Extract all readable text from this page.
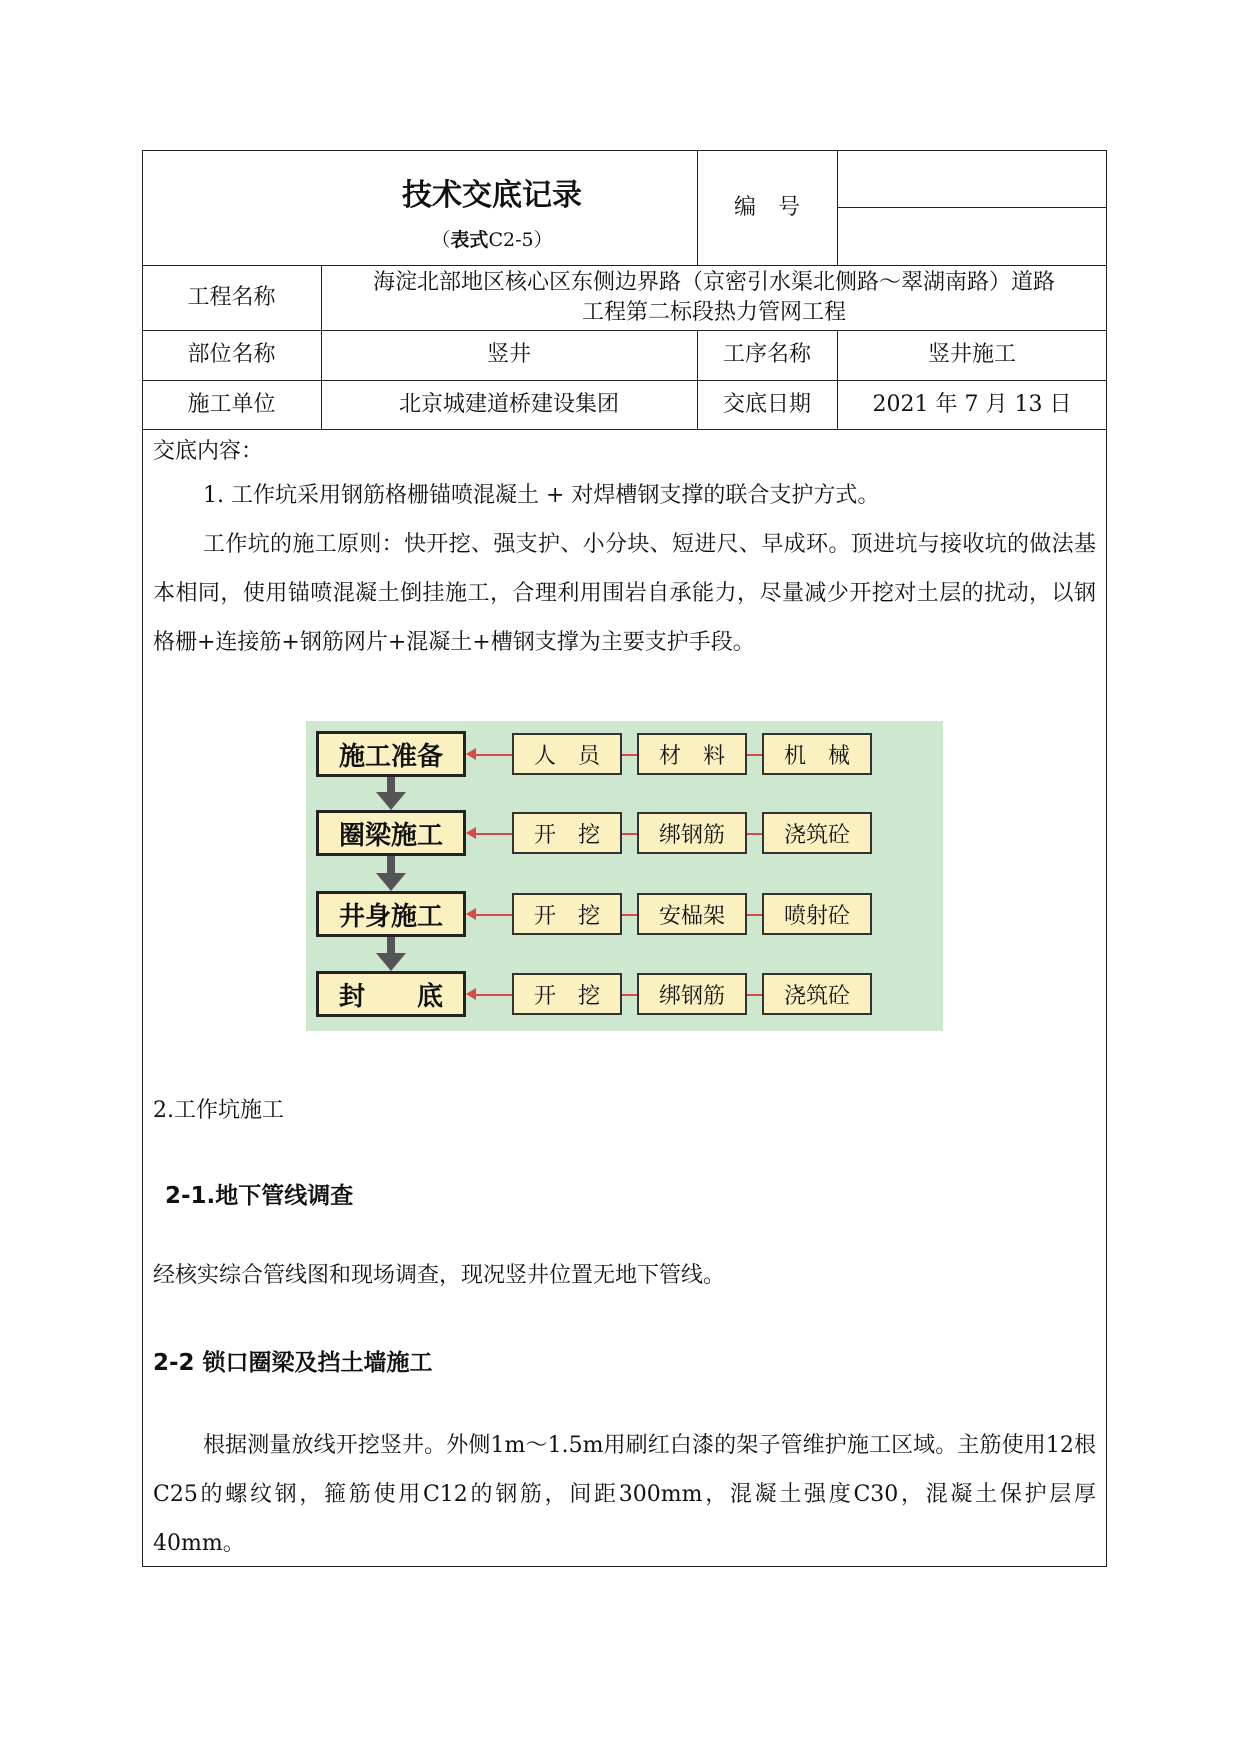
技术交底记录
（表式C2-5）
编　号
工程名称
海淀北部地区核心区东侧边界路（京密引水渠北侧路～翠湖南路）道路
工程第二标段热力管网工程
部位名称	竖井	工序名称	竖井施工
施工单位	北京城建道桥建设集团	交底日期	2021 年 7 月 13 日
交底内容：
1. 工作坑采用钢筋格栅锚喷混凝土 + 对焊槽钢支撑的联合支护方式。
工作坑的施工原则：快开挖、强支护、小分块、短进尺、早成环。顶进坑与接收坑的做法基本相同，使用锚喷混凝土倒挂施工，合理利用围岩自承能力，尽量减少开挖对土层的扰动，以钢格栅+连接筋+钢筋网片+混凝土+槽钢支撑为主要支护手段。
施工准备	人　员	材　料	机　械
圈梁施工	开　挖	绑钢筋	浇筑砼
井身施工	开　挖	安榀架	喷射砼
封　　底	开　挖	绑钢筋	浇筑砼
2.工作坑施工
2-1.地下管线调查
经核实综合管线图和现场调查，现况竖井位置无地下管线。
2-2 锁口圈梁及挡土墙施工
根据测量放线开挖竖井。外侧1m～1.5m用刷红白漆的架子管维护施工区域。主筋使用12根C25的螺纹钢，箍筋使用C12的钢筋，间距300mm，混凝土强度C30，混凝土保护层厚40mm。
